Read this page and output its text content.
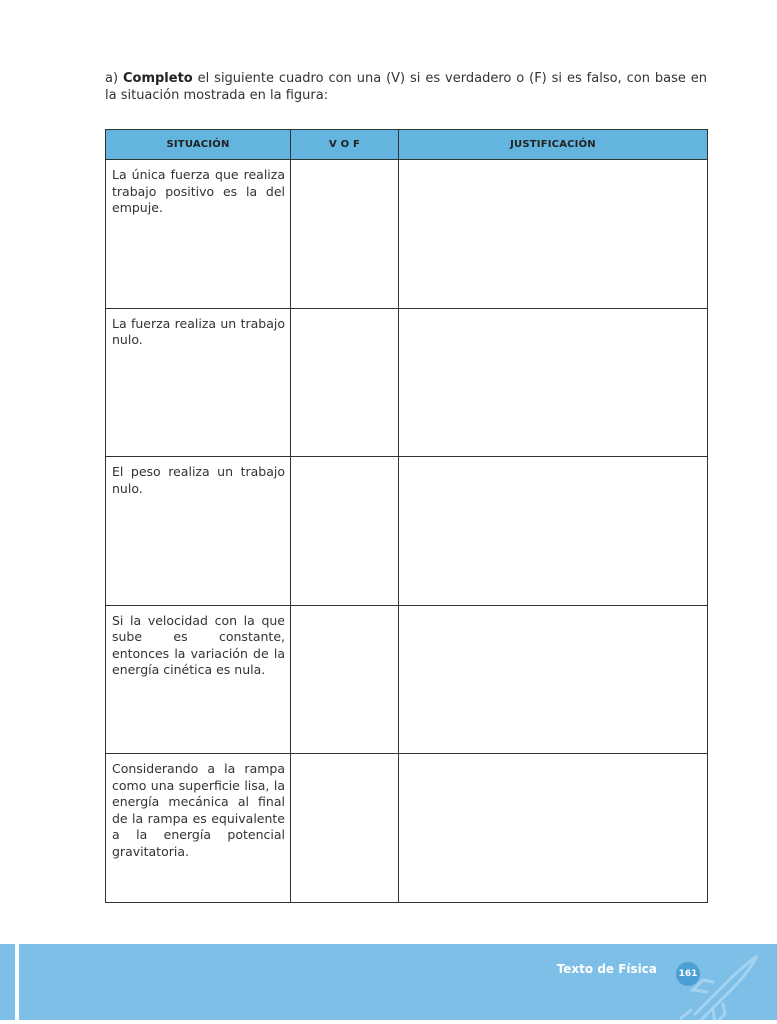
a) Completo el siguiente cuadro con una (V) si es verdadero o (F) si es falso, con base en la situación mostrada en la figura:

SITUACIÓN	V O F	JUSTIFICACIÓN
La única fuerza que realiza trabajo positivo es la del empuje.		
La fuerza realiza un trabajo nulo.		
El peso realiza un trabajo nulo.		
Si la velocidad con la que sube es constante, entonces la variación de la energía cinética es nula.		
Considerando a la rampa como una superficie lisa, la energía mecánica al final de la rampa es equivalente a la energía potencial gravitatoria.		
Texto de Física 161
